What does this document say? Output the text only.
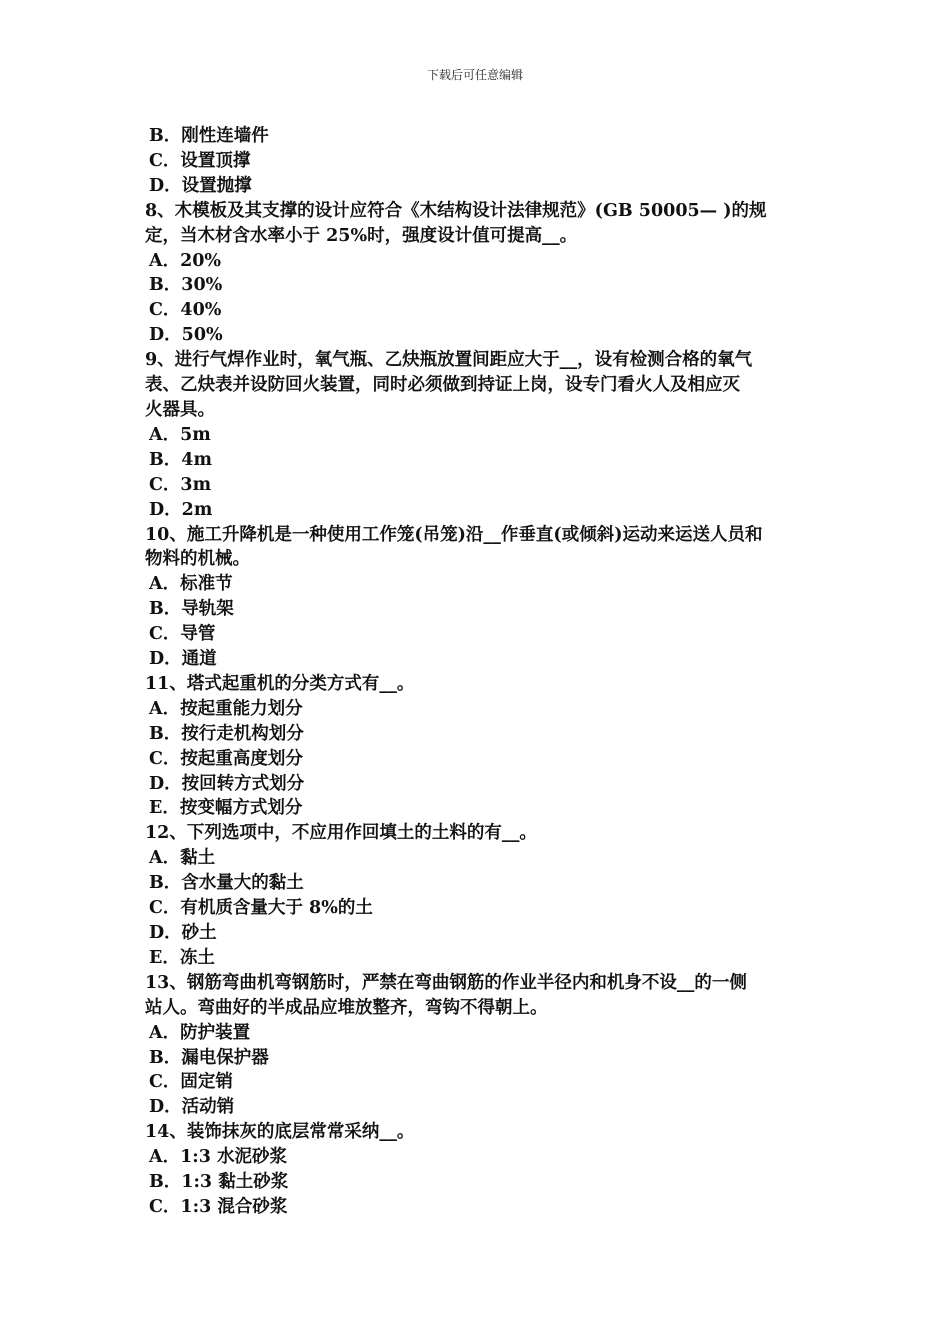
下载后可任意编辑
B．刚性连墙件
C．设置顶撑
D．设置抛撑
8、木模板及其支撑的设计应符合《木结构设计法律规范》(GB 50005— )的规
定，当木材含水率小于 25%时，强度设计值可提高__。
A．20%
B．30%
C．40%
D．50%
9、进行气焊作业时，氧气瓶、乙炔瓶放置间距应大于__，设有检测合格的氧气
表、乙炔表并设防回火装置，同时必须做到持证上岗，设专门看火人及相应灭
火器具。
A．5m
B．4m
C．3m
D．2m
10、施工升降机是一种使用工作笼(吊笼)沿__作垂直(或倾斜)运动来运送人员和
物料的机械。
A．标准节
B．导轨架
C．导管
D．通道
11、塔式起重机的分类方式有__。
A．按起重能力划分
B．按行走机构划分
C．按起重高度划分
D．按回转方式划分
E．按变幅方式划分
12、下列选项中，不应用作回填土的土料的有__。
A．黏土
B．含水量大的黏土
C．有机质含量大于 8%的土
D．砂土
E．冻土
13、钢筋弯曲机弯钢筋时，严禁在弯曲钢筋的作业半径内和机身不设__的一侧
站人。弯曲好的半成品应堆放整齐，弯钩不得朝上。
A．防护装置
B．漏电保护器
C．固定销
D．活动销
14、装饰抹灰的底层常常采纳__。
A．1:3 水泥砂浆
B．1:3 黏土砂浆
C．1:3 混合砂浆
